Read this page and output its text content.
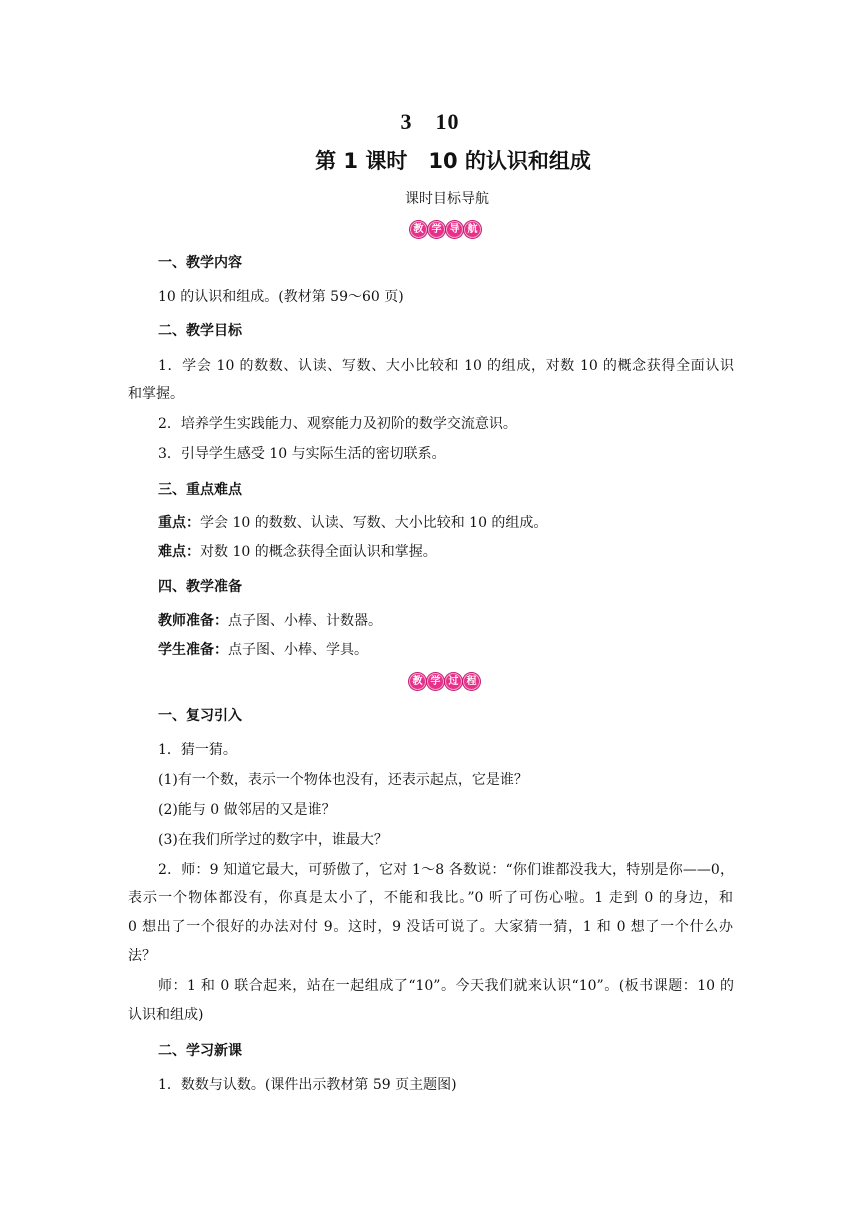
3　10
第 1 课时　10 的认识和组成
课时目标导航
教 学 导 航
一、教学内容
10 的认识和组成。(教材第 59～60 页)
二、教学目标
1．学会 10 的数数、认读、写数、大小比较和 10 的组成，对数 10 的概念获得全面认识
和掌握。
2．培养学生实践能力、观察能力及初阶的数学交流意识。
3．引导学生感受 10 与实际生活的密切联系。
三、重点难点
重点：学会 10 的数数、认读、写数、大小比较和 10 的组成。
难点：对数 10 的概念获得全面认识和掌握。
四、教学准备
教师准备：点子图、小棒、计数器。
学生准备：点子图、小棒、学具。
教 学 过 程
一、复习引入
1．猜一猜。
(1)有一个数，表示一个物体也没有，还表示起点，它是谁？
(2)能与 0 做邻居的又是谁？
(3)在我们所学过的数字中，谁最大？
2．师：9 知道它最大，可骄傲了，它对 1～8 各数说：“你们谁都没我大，特别是你——0，
表示一个物体都没有，你真是太小了，不能和我比。”0 听了可伤心啦。1 走到 0 的身边，和
0 想出了一个很好的办法对付 9。这时，9 没话可说了。大家猜一猜，1 和 0 想了一个什么办
法？
师：1 和 0 联合起来，站在一起组成了“10”。今天我们就来认识“10”。(板书课题：10 的
认识和组成)
二、学习新课
1．数数与认数。(课件出示教材第 59 页主题图)
